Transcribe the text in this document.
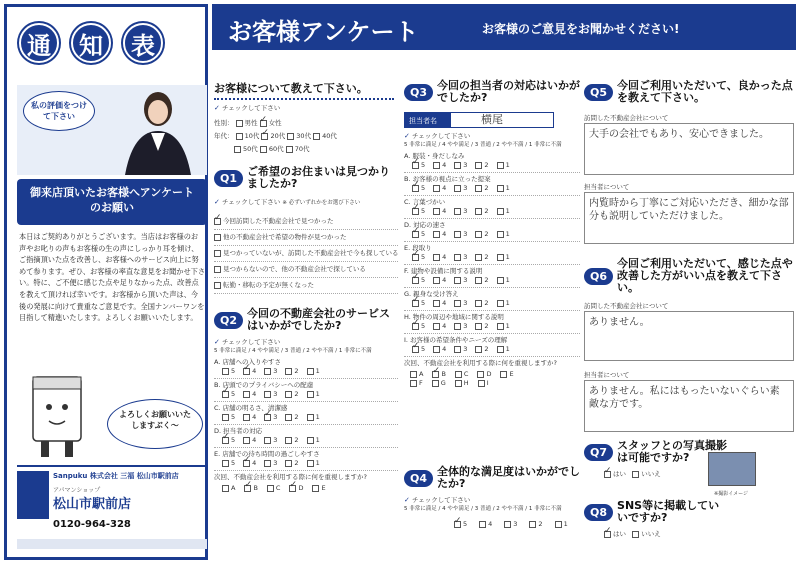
通	知	表
私の評価をつけて下さい
御来店頂いたお客様へアンケートのお願い
本日はご契約ありがとうございます。当店はお客様のお声やお叱りの声もお客様の生の声にしっかり耳を傾け、ご指摘頂いた点を改善し、お客様へのサービス向上に努めて参ります。ぜひ、お客様の率直な意見をお聞かせ下さい。特に、ご不便に感じた点や足りなかった点、改善点を教えて頂ければ幸いです。お客様から頂いた声は、今後の発展に向けて貴重なご意見です。全国ナンバーワンを目指して精進いたします。よろしくお願いいたします。
よろしくお願いいたしますぶく〜
Sanpuku 株式会社 三福 松山市駅前店
アパマンショップ
松山市駅前店
0120-964-328
お客様アンケート	お客様のご意見をお聞かせください!
お客様について教えて下さい。
✓ チェックして下さい
性別： 男性 ✓ 女性
年代： 10代 ✓ 20代 30代 40代
50代 60代 70代
Q1 ご希望のお住まいは見つかりましたか?
✓ チェックして下さい ※ 必ずいずれかをお選び下さい
✓今回訪問した不動産会社で見つかった
他の不動産会社で希望の物件が見つかった
見つかっていないが、訪問した不動産会社で今も探している
見つからないので、他の不動産会社で探している
転勤・移転の予定が無くなった
Q2 今回の不動産会社のサービスはいかがでしたか?
✓ チェックして下さい
5 非常に満足 / 4 やや満足 / 3 普通 / 2 やや不満 / 1 非常に不満
A. 店舗への入りやすさ
5 ✓	4	3	2	1
B. 店頭でのプライバシーへの配慮
✓5	4	3	2	1
C. 店舗の明るさ、清潔感
5	4 ✓	3	2	1
D. 担当者の対応
✓5	4	3	2	1
E. 店舗での待ち時間の過ごしやすさ
5 ✓	4	3	2	1
次回、不動産会社を利用する際に何を重視しますか?
A ✓	B	C ✓	D	E
Q3 今回の担当者の対応はいかがでしたか?
担当者名	横尾
✓ チェックして下さい
5 非常に満足 / 4 やや満足 / 3 普通 / 2 やや不満 / 1 非常に不満
A. 服装・身だしなみ
✓5	4	3	2	1
B. お客様の視点に立った提案
✓5	4	3	2	1
C. 言葉づかい
✓5	4	3	2	1
D. 対応の速さ
✓5	4	3	2	1
E. 段取り
✓5	4	3	2	1
F. 建物や設備に関する説明
✓5	4	3	2	1
G. 親身な受け答え
✓5	4	3	2	1
H. 物件の周辺や地域に関する説明
✓5	4	3	2	1
I. お客様の希望条件やニーズの理解
✓5	4	3	2	1
次回、不動産会社を利用する際に何を重視しますか?
A ✓	B	C	D	EF	G	H	I
Q4 全体的な満足度はいかがでしたか?
✓ チェックして下さい
5 非常に満足 / 4 やや満足 / 3 普通 / 2 やや不満 / 1 非常に不満
✓5	4	3	2	1
Q5 今回ご利用いただいて、良かった点を教えて下さい。
訪問した不動産会社について
大手の会社でもあり、安心できました。
担当者について
内覧時から丁寧にご対応いただき、細かな部分も説明していただけました。
Q6
今回ご利用いただいて、感じた点や改善した方がいい点を教えて下さい。
訪問した不動産会社について
ありません。
担当者について
ありません。私にはもったいないぐらい素敵な方です。
Q7 スタッフとの写真撮影は可能ですか?
✓はい いいえ
※撮影イメージ
Q8 SNS等に掲載していいですか?
✓はい いいえ
